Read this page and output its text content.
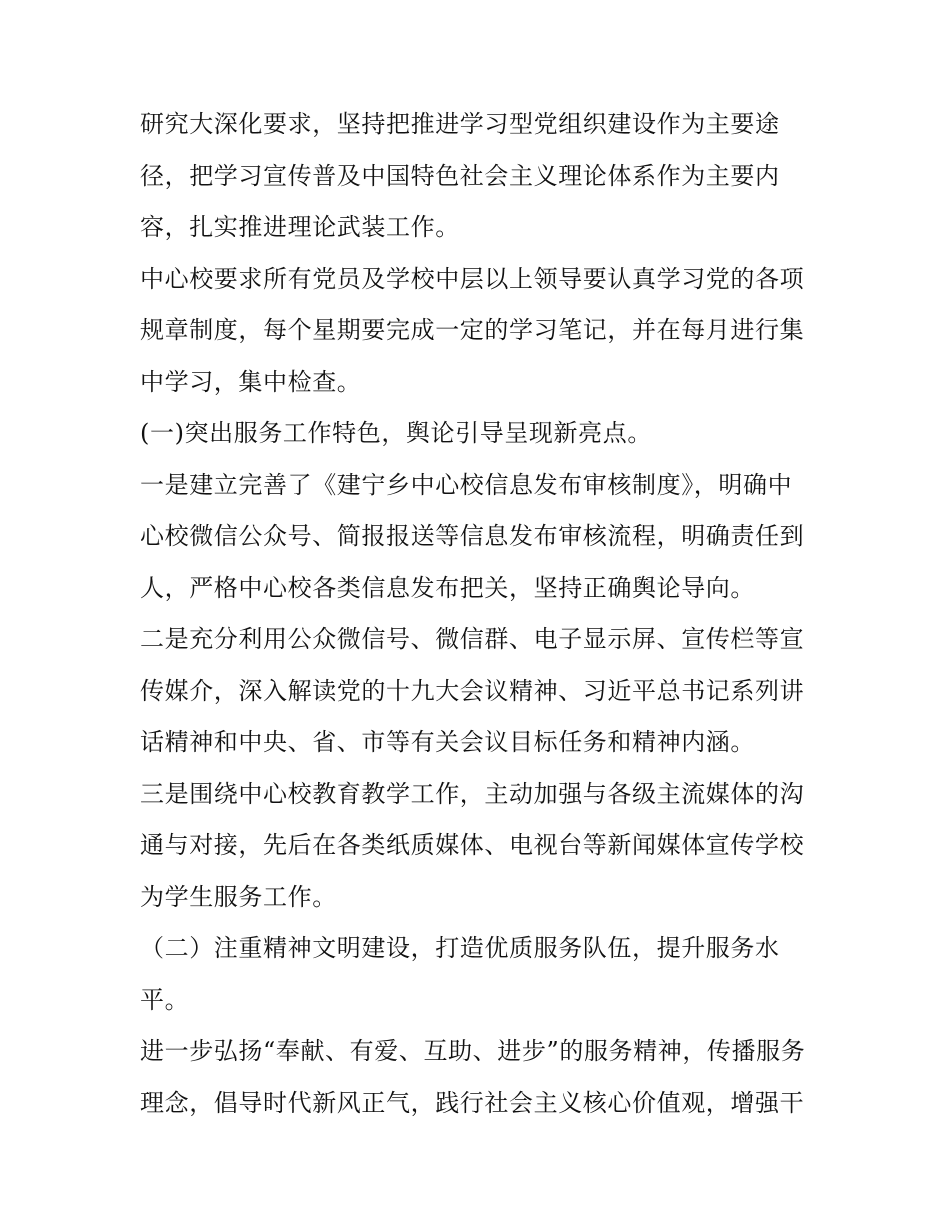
研究大深化要求，坚持把推进学习型党组织建设作为主要途
径，把学习宣传普及中国特色社会主义理论体系作为主要内
容，扎实推进理论武装工作。
中心校要求所有党员及学校中层以上领导要认真学习党的各项
规章制度，每个星期要完成一定的学习笔记，并在每月进行集
中学习，集中检查。
(一)突出服务工作特色，舆论引导呈现新亮点。
一是建立完善了《建宁乡中心校信息发布审核制度》，明确中
心校微信公众号、简报报送等信息发布审核流程，明确责任到
人，严格中心校各类信息发布把关，坚持正确舆论导向。
二是充分利用公众微信号、微信群、电子显示屏、宣传栏等宣
传媒介，深入解读党的十九大会议精神、习近平总书记系列讲
话精神和中央、省、市等有关会议目标任务和精神内涵。
三是围绕中心校教育教学工作，主动加强与各级主流媒体的沟
通与对接，先后在各类纸质媒体、电视台等新闻媒体宣传学校
为学生服务工作。
（二）注重精神文明建设，打造优质服务队伍，提升服务水
平。
进一步弘扬“奉献、有爱、互助、进步”的服务精神，传播服务
理念，倡导时代新风正气，践行社会主义核心价值观，增强干
